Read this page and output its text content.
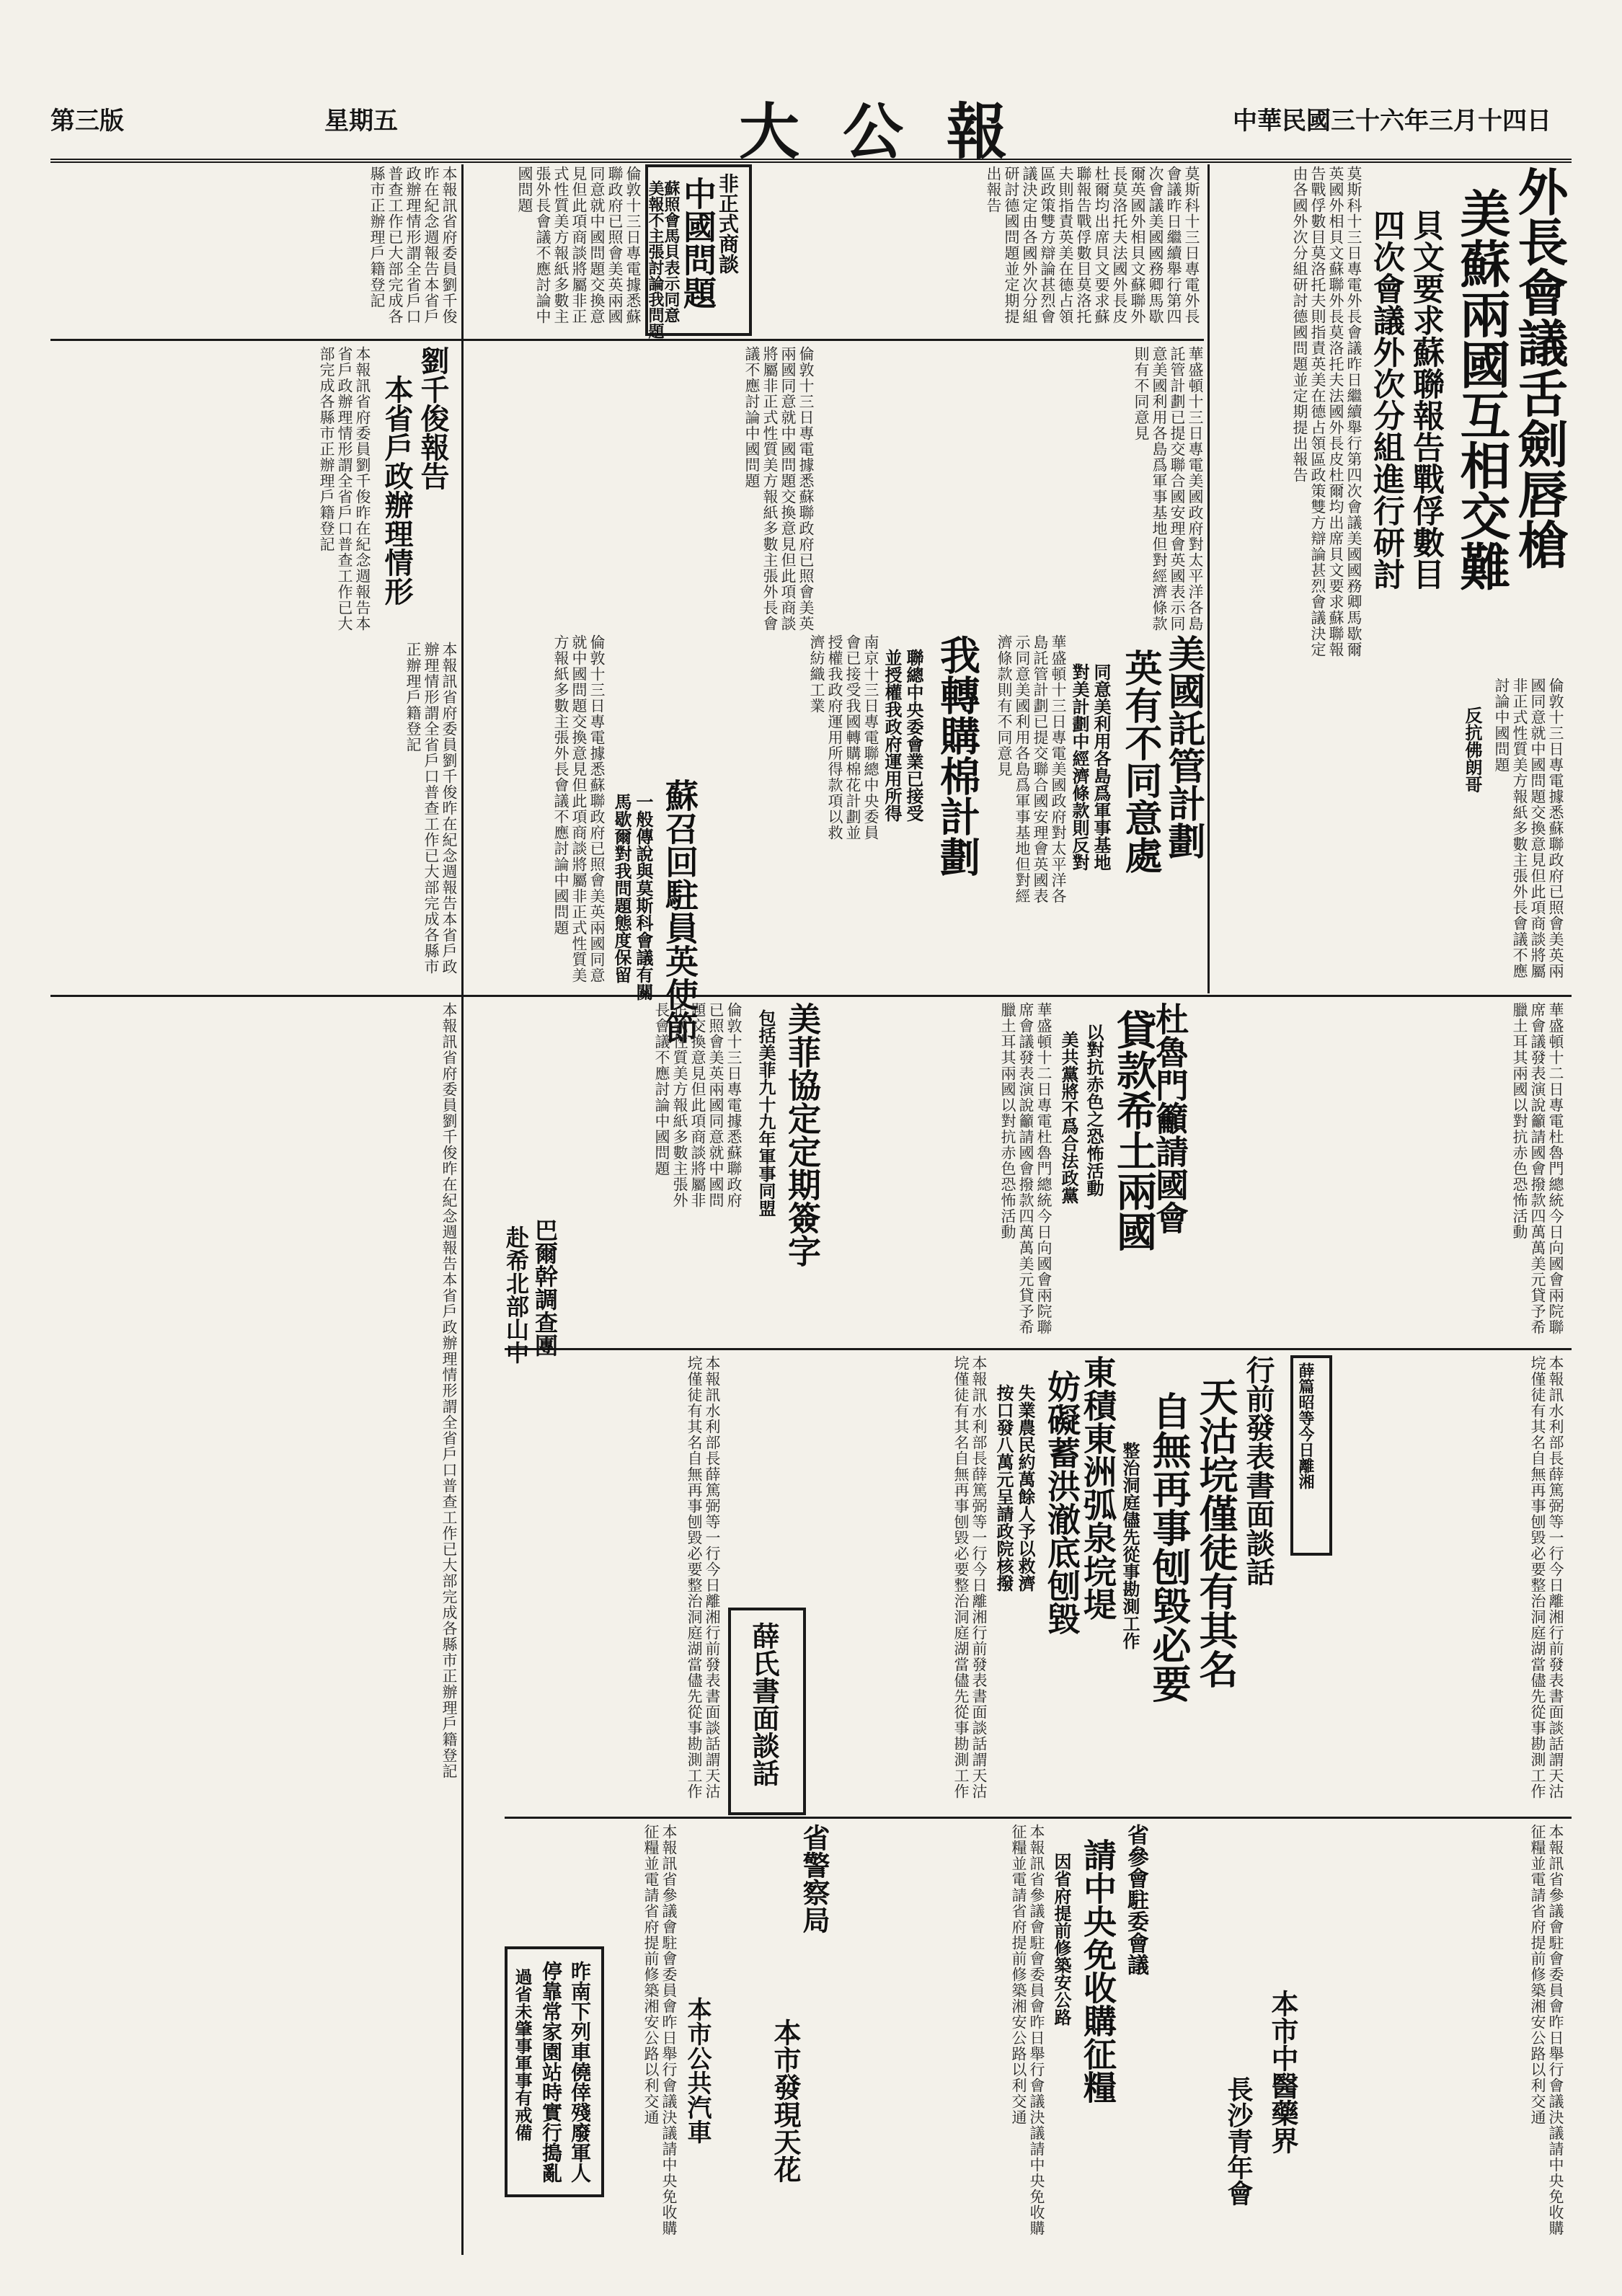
中華民國三十六年三月十四日
大公報
星期五
第三版
外長會議舌劍唇槍
美蘇兩國互相交難
貝文要求蘇聯報告戰俘數目
四次會議外次分組進行研討
莫斯科十三日專電外長會議昨日繼續舉行第四次會議美國國務卿馬歇爾英國外相貝文蘇聯外長莫洛托夫法國外長皮杜爾均出席貝文要求蘇聯報告戰俘數目莫洛托夫則指責英美在德占領區政策雙方辯論甚烈會議決定由各國外次分組研討德國問題並定期提出報告
倫敦十三日專電據悉蘇聯政府已照會美英兩國同意就中國問題交換意見但此項商談將屬非正式性質美方報紙多數主張外長會議不應討論中國問題
莫斯科十三日專電外長會議昨日繼續舉行第四次會議美國國務卿馬歇爾英國外相貝文蘇聯外長莫洛托夫法國外長皮杜爾均出席貝文要求蘇聯報告戰俘數目莫洛托夫則指責英美在德占領區政策雙方辯論甚烈會議決定由各國外次分組研討德國問題並定期提出報告
非正式商談
中國問題
蘇照會馬貝表示同意
美報不主張討論我問題
倫敦十三日專電據悉蘇聯政府已照會美英兩國同意就中國問題交換意見但此項商談將屬非正式性質美方報紙多數主張外長會議不應討論中國問題
本報訊省府委員劉千俊昨在紀念週報告本省戶政辦理情形謂全省戶口普查工作已大部完成各縣市正辦理戶籍登記
劉千俊報告
本省戶政辦理情形
本報訊省府委員劉千俊昨在紀念週報告本省戶政辦理情形謂全省戶口普查工作已大部完成各縣市正辦理戶籍登記
本報訊省府委員劉千俊昨在紀念週報告本省戶政辦理情形謂全省戶口普查工作已大部完成各縣市正辦理戶籍登記
華盛頓十三日專電美國政府對太平洋各島託管計劃已提交聯合國安理會英國表示同意美國利用各島爲軍事基地但對經濟條款則有不同意見
倫敦十三日專電據悉蘇聯政府已照會美英兩國同意就中國問題交換意見但此項商談將屬非正式性質美方報紙多數主張外長會議不應討論中國問題
美國託管計劃
英有不同意處
同意美利用各島爲軍事基地
對美計劃中經濟條款則反對
華盛頓十三日專電美國政府對太平洋各島託管計劃已提交聯合國安理會英國表示同意美國利用各島爲軍事基地但對經濟條款則有不同意見
我轉購棉計劃
聯總中央委會業已接受
並授權我政府運用所得
南京十三日專電聯總中央委員會已接受我國轉購棉花計劃並授權我政府運用所得款項以救濟紡織工業
蘇召回駐員英使節
一般傳說與莫斯科會議有關
馬歇爾對我問題態度保留
倫敦十三日專電據悉蘇聯政府已照會美英兩國同意就中國問題交換意見但此項商談將屬非正式性質美方報紙多數主張外長會議不應討論中國問題	反抗佛朗哥
杜魯門籲請國會
貸款希土兩國
以對抗赤色之恐怖活動
美共黨將不爲合法政黨	華盛頓十二日專電杜魯門總統今日向國會兩院聯席會議發表演說籲請國會撥款四萬萬美元貸予希臘土耳其兩國以對抗赤色恐怖活動
華盛頓十二日專電杜魯門總統今日向國會兩院聯席會議發表演說籲請國會撥款四萬萬美元貸予希臘土耳其兩國以對抗赤色恐怖活動
美菲協定定期簽字
包括美菲九十九年軍事同盟
倫敦十三日專電據悉蘇聯政府已照會美英兩國同意就中國問題交換意見但此項商談將屬非正式性質美方報紙多數主張外長會議不應討論中國問題
巴爾幹調查團
赴希北部山中
薛篇昭等今日離湘
行前發表書面談話
天沽垸僅徒有其名
自無再事刨毀必要
整治洞庭儘先從事勘測工作	本報訊水利部長薛篤弼等一行今日離湘行前發表書面談話謂天沽垸僅徒有其名自無再事刨毀必要整治洞庭湖當儘先從事勘測工作
東積東洲弧泉垸堤
妨礙蓄洪澈底刨毀
失業農民約萬餘人予以救濟
按口發八萬元呈請政院核撥
本報訊水利部長薛篤弼等一行今日離湘行前發表書面談話謂天沽垸僅徒有其名自無再事刨毀必要整治洞庭湖當儘先從事勘測工作
薛氏書面談話
本報訊水利部長薛篤弼等一行今日離湘行前發表書面談話謂天沽垸僅徒有其名自無再事刨毀必要整治洞庭湖當儘先從事勘測工作
省參會駐委會議
請中央免收購征糧
因省府提前修築安公路	本報訊省參議會駐會委員會昨日舉行會議決議請中央免收購征糧並電請省府提前修築湘安公路以利交通
省警察局	本報訊省參議會駐會委員會昨日舉行會議決議請中央免收購征糧並電請省府提前修築湘安公路以利交通
本市發現天花
本市公共汽車
本報訊省參議會駐會委員會昨日舉行會議決議請中央免收購征糧並電請省府提前修築湘安公路以利交通
昨南下列車僥倖殘廢軍人
停靠常家園站時實行搗亂
過省未肇事軍事有戒備	本市中醫藥界
長沙青年會
本報訊省府委員劉千俊昨在紀念週報告本省戶政辦理情形謂全省戶口普查工作已大部完成各縣市正辦理戶籍登記
